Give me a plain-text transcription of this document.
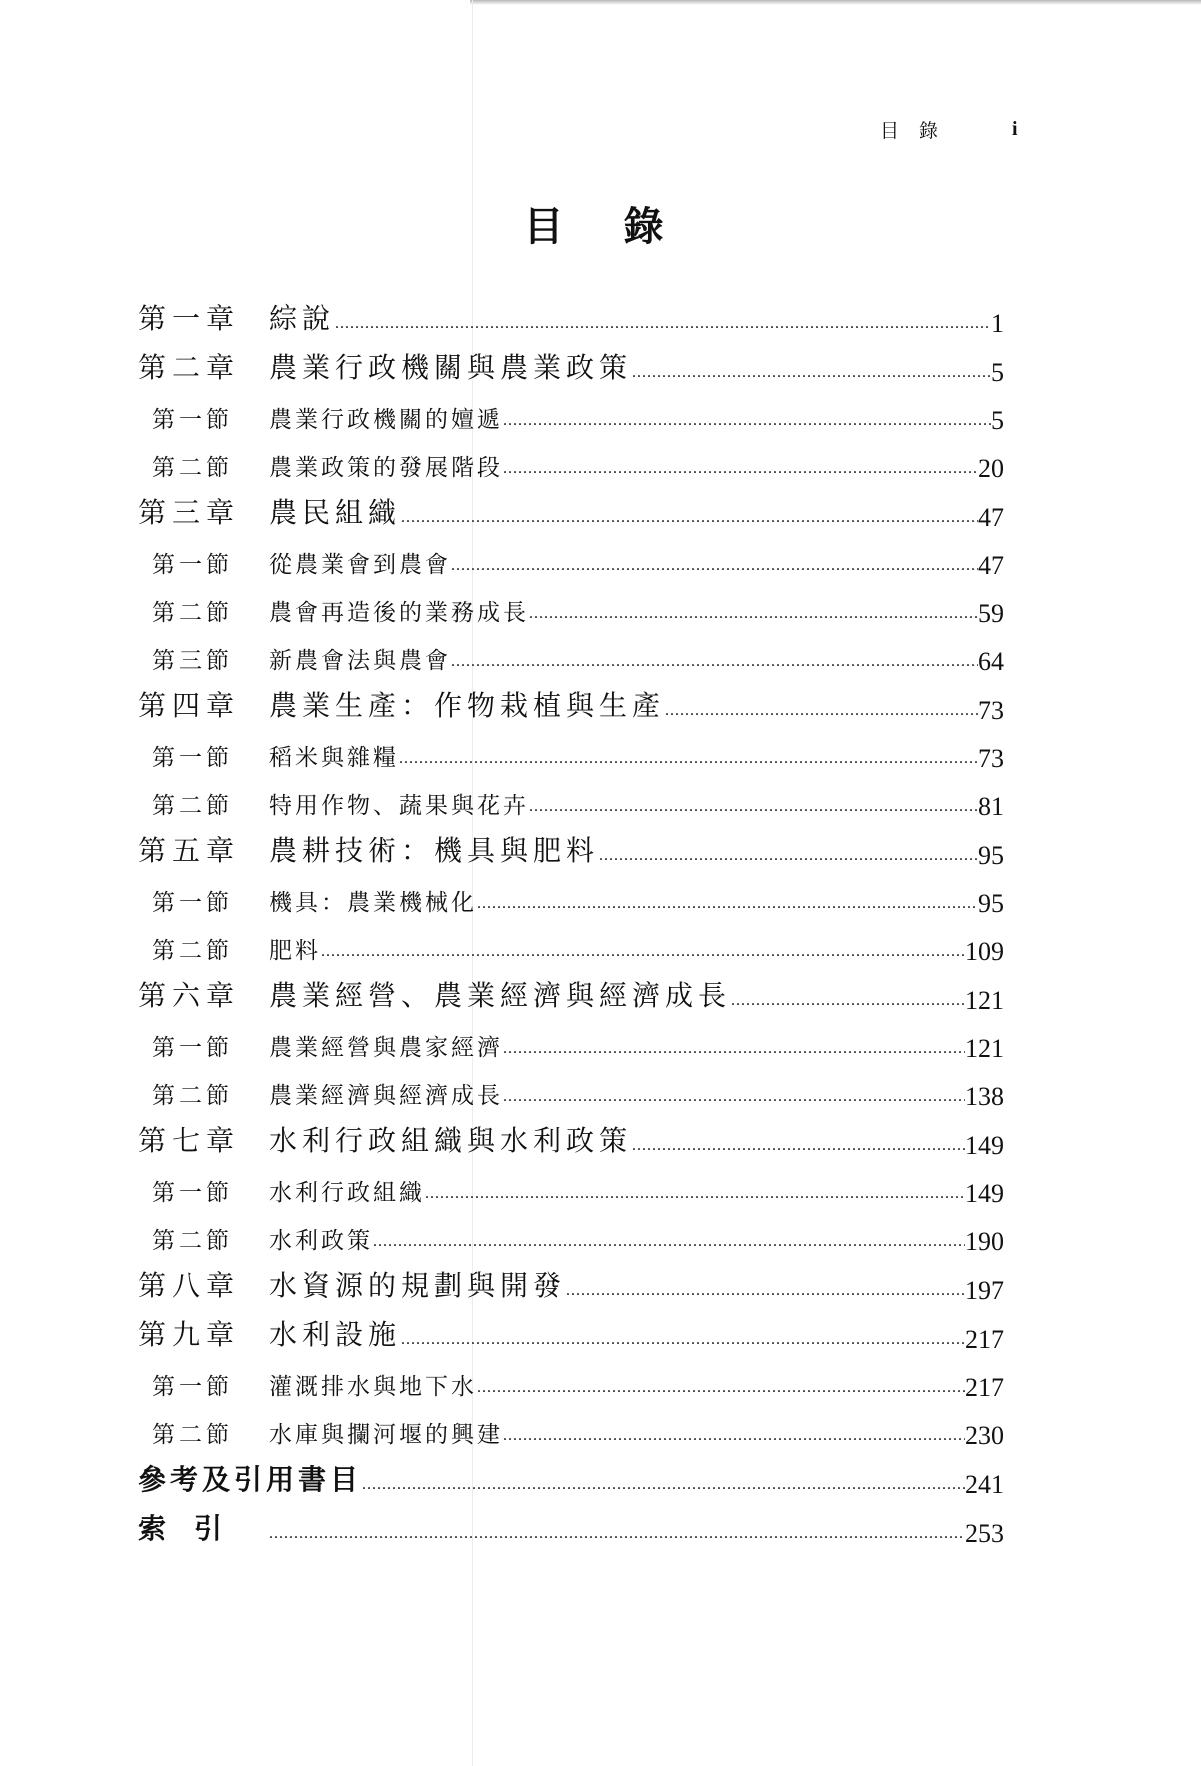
目錄	i
目錄
第一章	綜說 .....	1
第二章	農業行政機關與農業政策 .....	5
第一節	農業行政機關的嬗遞 .....	5
第二節	農業政策的發展階段 .....	20
第三章	農民組織 .....	47
第一節	從農業會到農會 .....	47
第二節	農會再造後的業務成長 .....	59
第三節	新農會法與農會 .....	64
第四章	農業生產：作物栽植與生產 .....	73
第一節	稻米與雜糧 .....	73
第二節	特用作物、蔬果與花卉 .....	81
第五章	農耕技術：機具與肥料 .....	95
第一節	機具：農業機械化 .....	95
第二節	肥料 .....	109
第六章	農業經營、農業經濟與經濟成長 .....	121
第一節	農業經營與農家經濟 .....	121
第二節	農業經濟與經濟成長 .....	138
第七章	水利行政組織與水利政策 .....	149
第一節	水利行政組織 .....	149
第二節	水利政策 .....	190
第八章	水資源的規劃與開發 .....	197
第九章	水利設施 .....	217
第一節	灌溉排水與地下水 .....	217
第二節	水庫與攔河堰的興建 .....	230
參考及引用書目 .....	241
索引 .....	253
